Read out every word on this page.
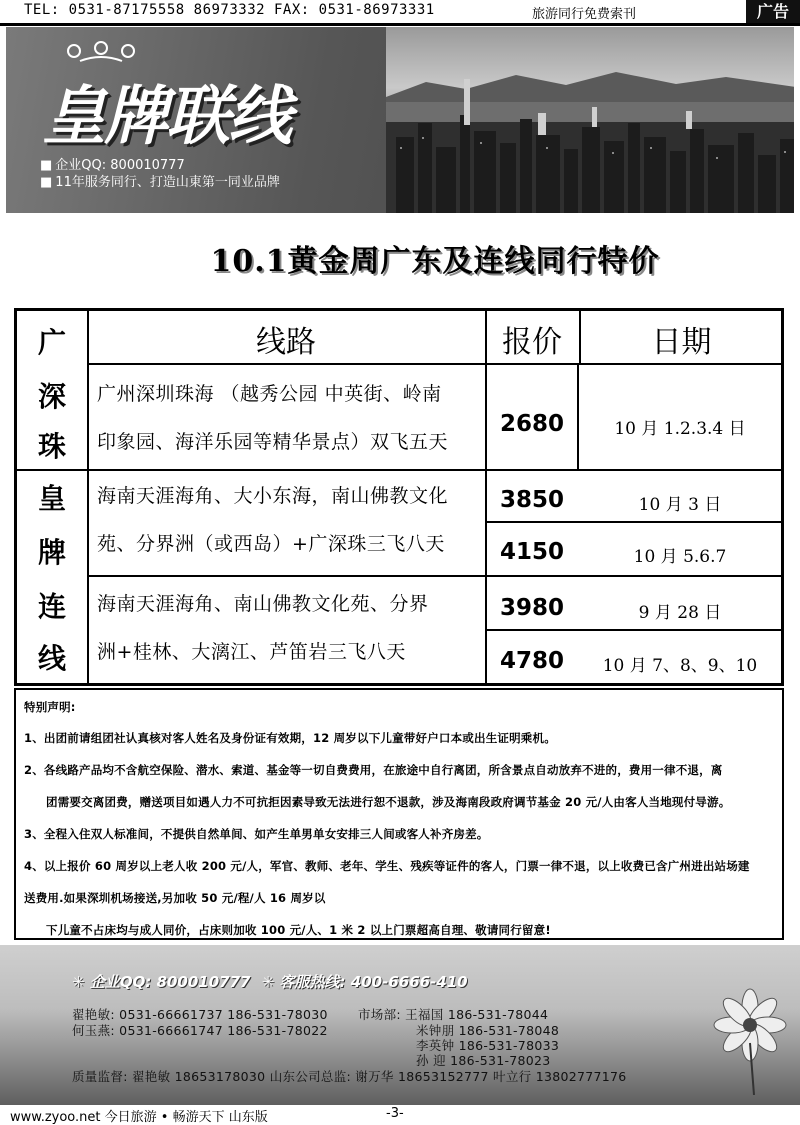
TEL: 0531-87175558 86973332 FAX: 0531-86973331	旅游同行免费索刊	广告
皇牌联线
■ 企业QQ: 800010777
■ 11年服务同行、打造山東第一同业品牌
10.1黄金周广东及连线同行特价
线路	报价	日期
广
深
珠
皇
牌
连
线
广州深圳珠海 （越秀公园 中英街、岭南
印象园、海洋乐园等精华景点）双飞五天
2680	10 月 1.2.3.4 日
海南天涯海角、大小东海，南山佛教文化
苑、分界洲（或西岛）+广深珠三飞八天
3850	10 月 3 日
4150	10 月 5.6.7
海南天涯海角、南山佛教文化苑、分界
洲+桂林、大漓江、芦笛岩三飞八天
3980	9 月 28 日
4780	10 月 7、8、9、10
特别声明:
1、出团前请组团社认真核对客人姓名及身份证有效期，12 周岁以下儿童带好户口本或出生证明乘机。
2、各线路产品均不含航空保险、潜水、索道、基金等一切自费费用，在旅途中自行离团，所含景点自动放弃不进的，费用一律不退，离
团需要交离团费，赠送项目如遇人力不可抗拒因素导致无法进行恕不退款，涉及海南段政府调节基金 20 元/人由客人当地现付导游。
3、全程入住双人标准间，不提供自然单间、如产生单男单女安排三人间或客人补齐房差。
4、以上报价 60 周岁以上老人收 200 元/人，军官、教师、老年、学生、残疾等证件的客人，门票一律不退，以上收费已含广州进出站场建
送费用.如果深圳机场接送,另加收 50 元/程/人 16 周岁以
下儿童不占床均与成人同价，占床则加收 100 元/人、1 米 2 以上门票超高自理、敬请同行留意!
✳ 企业QQ: 800010777 ✳ 客服热线: 400-6666-410
翟艳敏: 0531-66661737 186-531-78030
何玉燕: 0531-66661747 186-531-78022
市场部: 王福国 186-531-78044
米钟朋 186-531-78048
李英钟 186-531-78033
孙 迎 186-531-78023
质量监督: 翟艳敏 18653178030 山东公司总监: 谢万华 18653152777 叶立行 13802777176
www.zyoo.net 今日旅游 • 畅游天下 山东版	-3-
